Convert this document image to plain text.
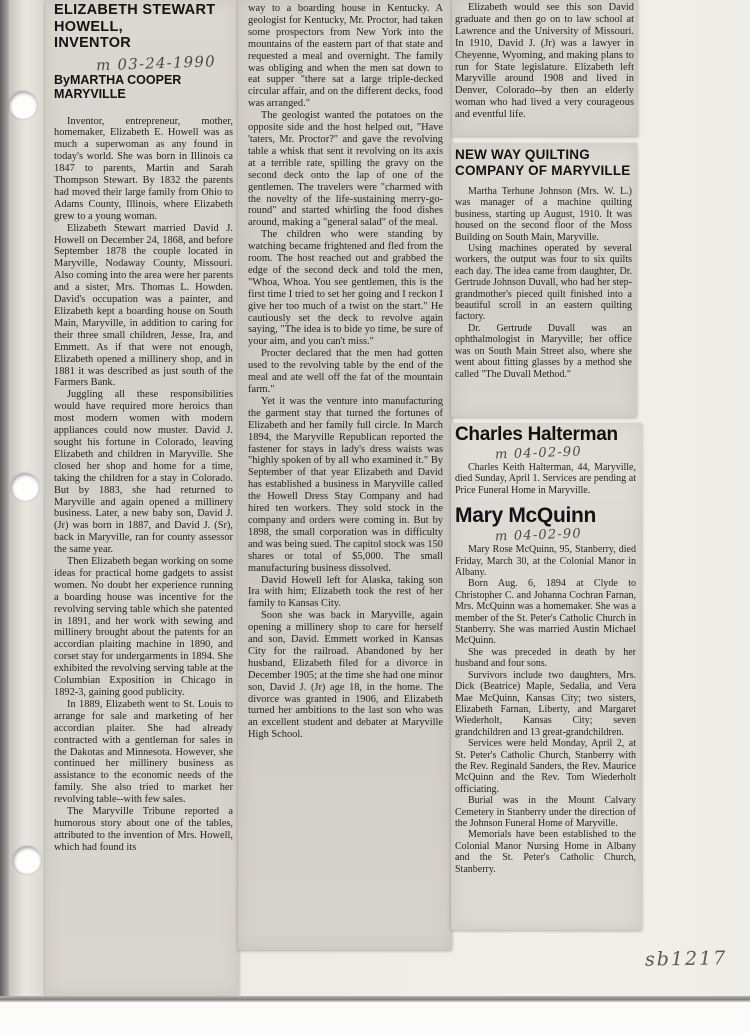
ELIZABETH STEWART
HOWELL,
INVENTOR
m 03-24-1990
ByMARTHA COOPER
MARYVILLE

Inventor, entrepreneur, mother, homemaker, Elizabeth E. Howell was as much a superwoman as any found in today's world. She was born in Illinois ca 1847 to parents, Martin and Sarah Thompson Stewart. By 1832 the parents had moved their large family from Ohio to Adams County, Illinois, where Elizabeth grew to a young woman.

Elizabeth Stewart married David J. Howell on December 24, 1868, and before September 1878 the couple located in Maryville, Nodaway County, Missouri. Also coming into the area were her parents and a sister, Mrs. Thomas L. Howden. David's occupation was a painter, and Elizabeth kept a boarding house on South Main, Maryville, in addition to caring for their three small children, Jesse, Ira, and Emmett. As if that were not enough, Elizabeth opened a millinery shop, and in 1881 it was described as just south of the Farmers Bank.

Juggling all these responsibilities would have required more heroics than most modern women with modern appliances could now muster. David J. sought his fortune in Colorado, leaving Elizabeth and children in Maryville. She closed her shop and home for a time, taking the children for a stay in Colorado. But by 1883, she had returned to Maryville and again opened a millinery business. Later, a new baby son, David J. (Jr) was born in 1887, and David J. (Sr), back in Maryville, ran for county assessor the same year.

Then Elizabeth began working on some ideas for practical home gadgets to assist women. No doubt her experience running a boarding house was incentive for the revolving serving table which she patented in 1891, and her work with sewing and millinery brought about the patents for an accordian plaiting machine in 1890, and corset stay for undergarments in 1894. She exhibited the revolving serving table at the Columbian Exposition in Chicago in 1892-3, gaining good publicity.

In 1889, Elizabeth went to St. Louis to arrange for sale and marketing of her accordian plaiter. She had already contracted with a gentleman for sales in the Dakotas and Minnesota. However, she continued her millinery business as assistance to the economic needs of the family. She also tried to market her revolving table--with few sales.

The Maryville Tribune reported a humorous story about one of the tables, attributed to the invention of Mrs. Howell, which had found its

way to a boarding house in Kentucky. A geologist for Kentucky, Mr. Proctor, had taken some prospectors from New York into the mountains of the eastern part of that state and requested a meal and overnight. The family was obliging and when the men sat down to eat supper "there sat a large triple-decked circular affair, and on the different decks, food was arranged."

The geologist wanted the potatoes on the opposite side and the host helped out, "Have 'taters, Mr. Proctor?" and gave the revolving table a whisk that sent it revolving on its axis at a terrible rate, spilling the gravy on the second deck onto the lap of one of the gentlemen. The travelers were "charmed with the novelty of the life-sustaining merry-go-round" and started whirling the food dishes around, making a "general salad" of the meal.

The children who were standing by watching became frightened and fled from the room. The host reached out and grabbed the edge of the second deck and told the men, "Whoa, Whoa. You see gentlemen, this is the first time I tried to set her going and I reckon I give her too much of a twist on the start." He cautiously set the deck to revolve again saying, "The idea is to bide yo time, be sure of your aim, and you can't miss."

Procter declared that the men had gotten used to the revolving table by the end of the meal and ate well off the fat of the mountain farm."

Yet it was the venture into manufacturing the garment stay that turned the fortunes of Elizabeth and her family full circle. In March 1894, the Maryville Republican reported the fastener for stays in lady's dress waists was "highly spoken of by all who examined it." By September of that year Elizabeth and David has established a business in Maryville called the Howell Dress Stay Company and had hired ten workers. They sold stock in the company and orders were coming in. But by 1898, the small corporation was in difficulty and was being sued. The capitol stock was 150 shares or total of $5,000. The small manufacturing business dissolved.

David Howell left for Alaska, taking son Ira with him; Elizabeth took the rest of her family to Kansas City.

Soon she was back in Maryville, again opening a millinery shop to care for herself and son, David. Emmett worked in Kansas City for the railroad. Abandoned by her husband, Elizabeth filed for a divorce in December 1905; at the time she had one minor son, David J. (Jr) age 18, in the home. The divorce was granted in 1906, and Elizabeth turned her ambitions to the last son who was an excellent student and debater at Maryville High School.

Elizabeth would see this son David graduate and then go on to law school at Lawrence and the University of Missouri. In 1910, David J. (Jr) was a lawyer in Cheyenne, Wyoming, and making plans to run for State legislature. Elizabeth left Maryville around 1908 and lived in Denver, Colorado--by then an elderly woman who had lived a very courageous and eventful life.

NEW WAY QUILTING
COMPANY OF MARYVILLE

Martha Terhune Johnson (Mrs. W. L.) was manager of a machine quilting business, starting up August, 1910. It was housed on the second floor of the Moss Building on South Main, Maryville.

Using machines operated by several workers, the output was four to six quilts each day. The idea came from daughter, Dr. Gertrude Johnson Duvall, who had her step-grandmother's pieced quilt finished into a beautiful scroll in an eastern quilting factory.

Dr. Gertrude Duvall was an ophthalmologist in Maryville; her office was on South Main Street also, where she went about fitting glasses by a method she called "The Duvall Method."

Charles Halterman
m 04-02-90

Charles Keith Halterman, 44, Maryville, died Sunday, April 1. Services are pending at Price Funeral Home in Maryville.

Mary McQuinn
m 04-02-90

Mary Rose McQuinn, 95, Stanberry, died Friday, March 30, at the Colonial Manor in Albany.

Born Aug. 6, 1894 at Clyde to Christopher C. and Johanna Cochran Farnan, Mrs. McQuinn was a homemaker. She was a member of the St. Peter's Catholic Church in Stanberry. She was married Austin Michael McQuinn.

She was preceded in death by her husband and four sons.

Survivors include two daughters, Mrs. Dick (Beatrice) Maple, Sedalia, and Vera Mae McQuinn, Kansas City; two sisters, Elizabeth Farnan, Liberty, and Margaret Wiederholt, Kansas City; seven grandchildren and 13 great-grandchildren.

Services were held Monday, April 2, at St. Peter's Catholic Church, Stanberry with the Rev. Reginald Sanders, the Rev. Maurice McQuinn and the Rev. Tom Wiederholt officiating.

Burial was in the Mount Calvary Cemetery in Stanberry under the direction of the Johnson Funeral Home of Maryville.

Memorials have been established to the Colonial Manor Nursing Home in Albany and the St. Peter's Catholic Church, Stanberry.

sb1217
